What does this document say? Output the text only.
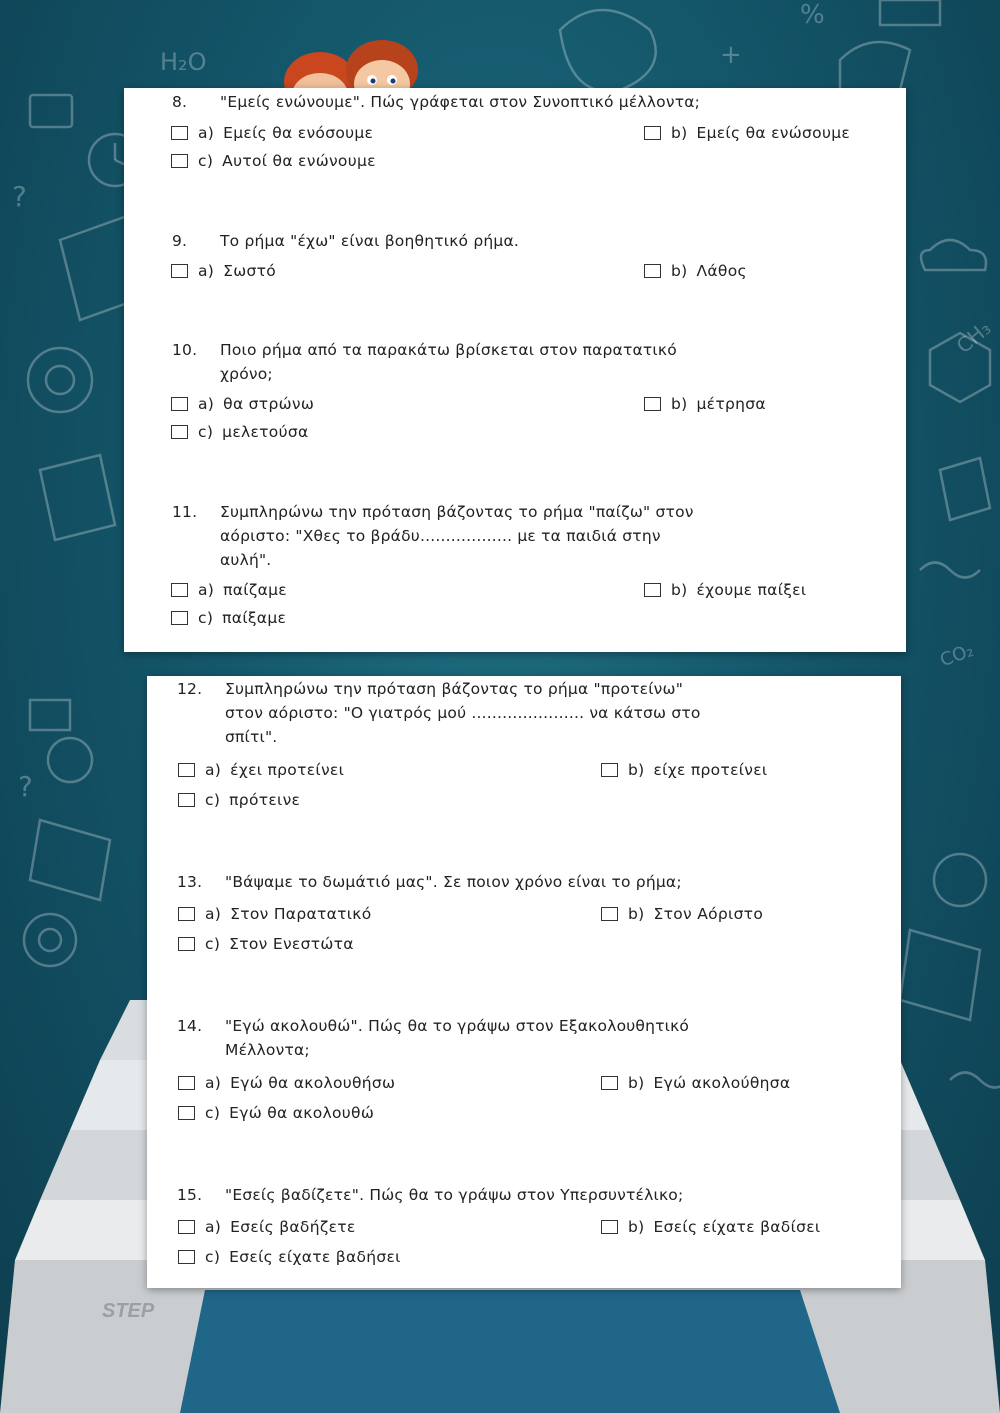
H₂O
%
?
CH₃
CO₂
+
?
STEP
8.	"Εμείς ενώνουμε". Πώς γράφεται στον Συνοπτικό μέλλοντα;
a) Εμείς θα ενόσουμε	b) Εμείς θα ενώσουμε
c) Αυτοί θα ενώνουμε
9.	Το ρήμα "έχω" είναι βοηθητικό ρήμα.
a) Σωστό	b) Λάθος
10.	Ποιο ρήμα από τα παρακάτω βρίσκεται στον παρατατικό
χρόνο;
a) θα στρώνω	b) μέτρησα
c) μελετούσα
11.	Συμπληρώνω την πρόταση βάζοντας το ρήμα "παίζω" στον
αόριστο: "Χθες το βράδυ.................. με τα παιδιά στην
αυλή".
a) παίζαμε	b) έχουμε παίξει
c) παίξαμε
12.	Συμπληρώνω την πρόταση βάζοντας το ρήμα "προτείνω"
στον αόριστο: "Ο γιατρός μού ...................... να κάτσω στο
σπίτι".
a) έχει προτείνει	b) είχε προτείνει
c) πρότεινε
13.	"Βάψαμε το δωμάτιό μας". Σε ποιον χρόνο είναι το ρήμα;
a) Στον Παρατατικό	b) Στον Αόριστο
c) Στον Ενεστώτα
14.	"Εγώ ακολουθώ". Πώς θα το γράψω στον Εξακολουθητικό
Μέλλοντα;
a) Εγώ θα ακολουθήσω	b) Εγώ ακολούθησα
c) Εγώ θα ακολουθώ
15.	"Εσείς βαδίζετε". Πώς θα το γράψω στον Υπερσυντέλικο;
a) Εσείς βαδήζετε	b) Εσείς είχατε βαδίσει
c) Εσείς είχατε βαδήσει
